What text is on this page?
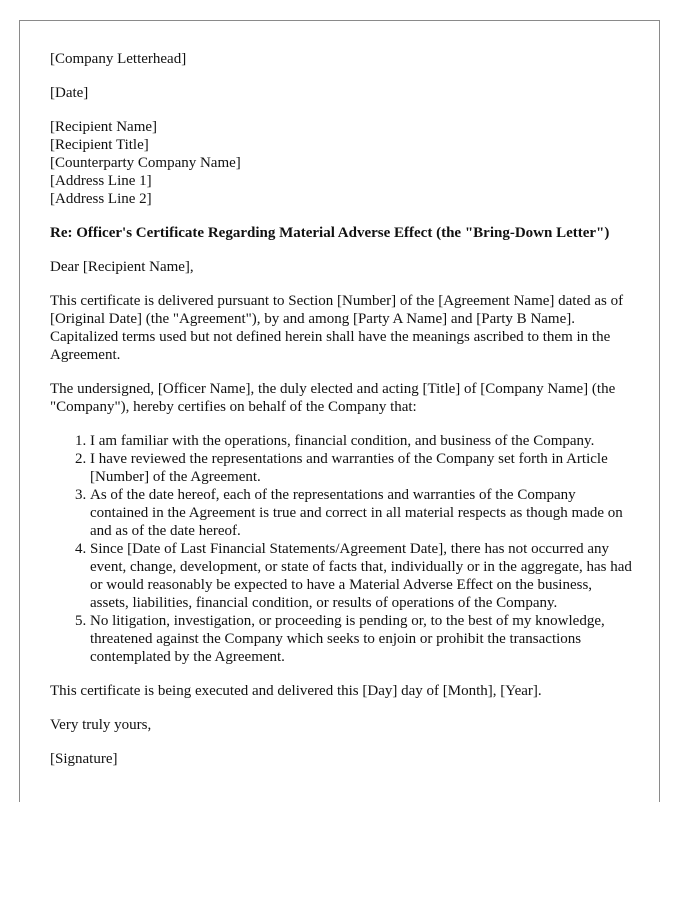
[Company Letterhead]

[Date]

[Recipient Name]
[Recipient Title]
[Counterparty Company Name]
[Address Line 1]
[Address Line 2]

Re: Officer's Certificate Regarding Material Adverse Effect (the "Bring-Down Letter")

Dear [Recipient Name],

This certificate is delivered pursuant to Section [Number] of the [Agreement Name] dated as of [Original Date] (the "Agreement"), by and among [Party A Name] and [Party B Name]. Capitalized terms used but not defined herein shall have the meanings ascribed to them in the Agreement.

The undersigned, [Officer Name], the duly elected and acting [Title] of [Company Name] (the "Company"), hereby certifies on behalf of the Company that:

1. I am familiar with the operations, financial condition, and business of the Company.
2. I have reviewed the representations and warranties of the Company set forth in Article [Number] of the Agreement.
3. As of the date hereof, each of the representations and warranties of the Company contained in the Agreement is true and correct in all material respects as though made on and as of the date hereof.
4. Since [Date of Last Financial Statements/Agreement Date], there has not occurred any event, change, development, or state of facts that, individually or in the aggregate, has had or would reasonably be expected to have a Material Adverse Effect on the business, assets, liabilities, financial condition, or results of operations of the Company.
5. No litigation, investigation, or proceeding is pending or, to the best of my knowledge, threatened against the Company which seeks to enjoin or prohibit the transactions contemplated by the Agreement.

This certificate is being executed and delivered this [Day] day of [Month], [Year].

Very truly yours,

[Signature]
